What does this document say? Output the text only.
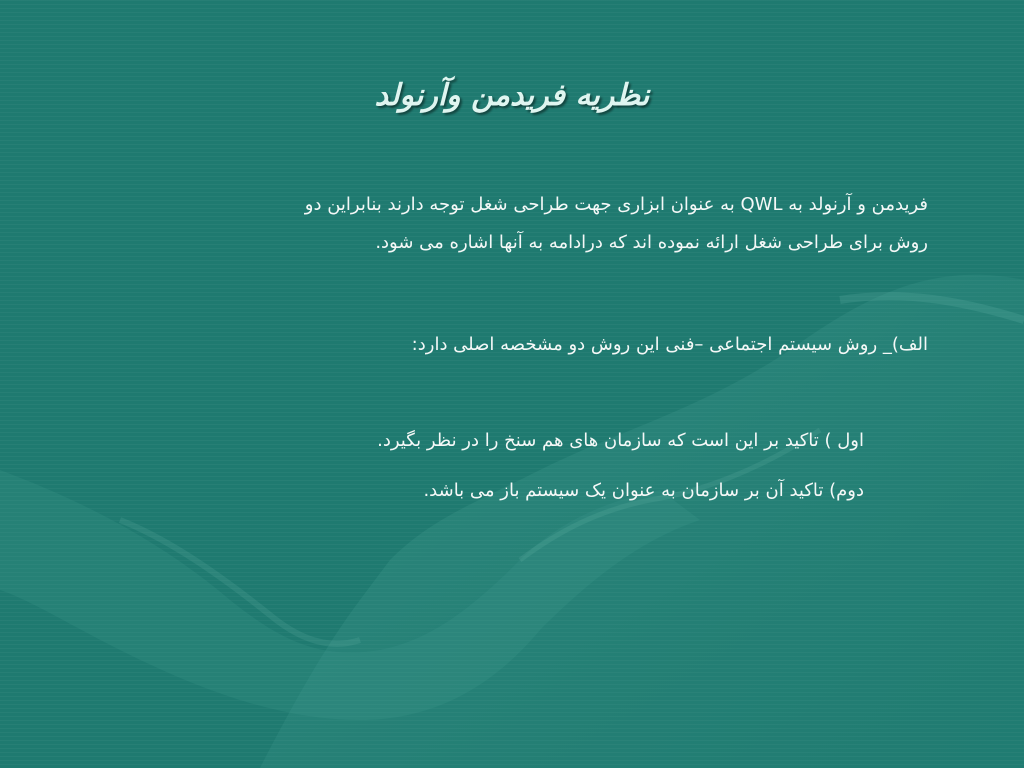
نظریه فریدمن وآرنولد
فریدمن و آرنولد به QWL به عنوان ابزاری جهت طراحی شغل توجه دارند بنابراین دو
روش برای طراحی شغل ارائه نموده اند که درادامه به آنها اشاره می شود.
الف)_ روش سیستم اجتماعی –فنی این روش دو مشخصه اصلی دارد:
اول ) تاکید بر این است که سازمان های هم سنخ را در نظر بگیرد.
دوم) تاکید آن بر سازمان به عنوان یک سیستم باز می باشد.
